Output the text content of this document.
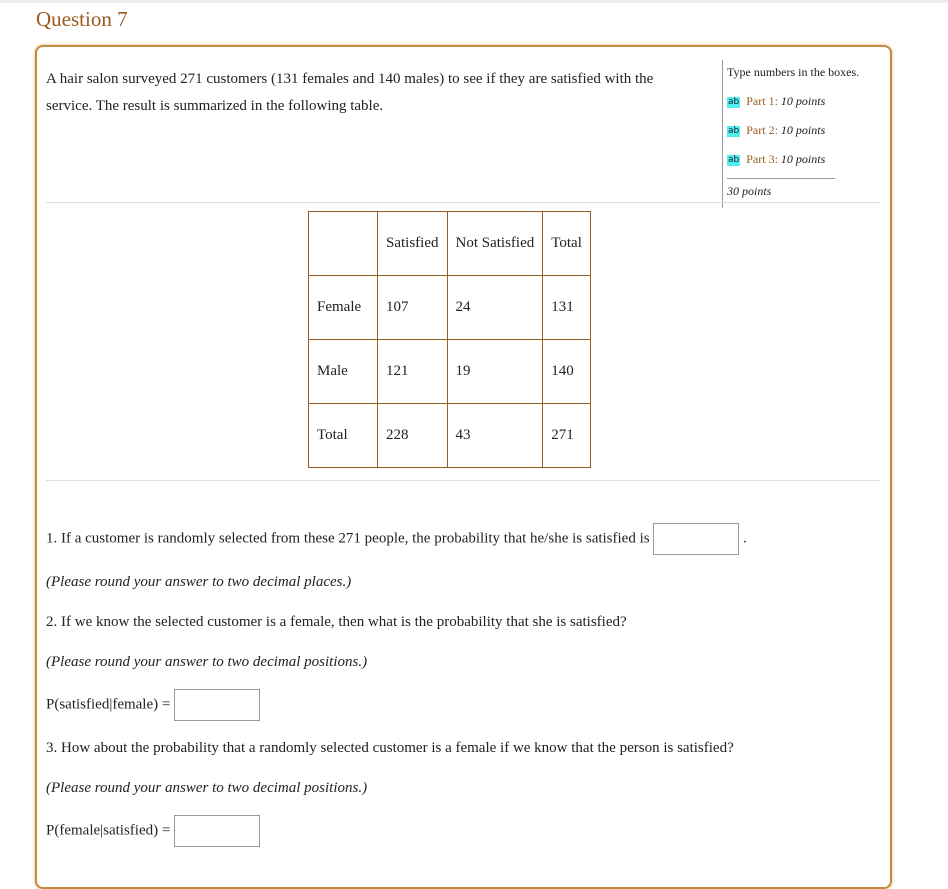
Question 7
A hair salon surveyed 271 customers (131 females and 140 males) to see if they are satisfied with the service. The result is summarized in the following table.
Type numbers in the boxes.
ab Part 1: 10 points
ab Part 2: 10 points
ab Part 3: 10 points
30 points
	Satisfied	Not Satisfied	Total
Female	107	24	131
Male	121	19	140
Total	228	43	271
1. If a customer is randomly selected from these 271 people, the probability that he/she is satisfied is	.
(Please round your answer to two decimal places.)
2. If we know the selected customer is a female, then what is the probability that she is satisfied?
(Please round your answer to two decimal positions.)
P(satisfied|female) =
3. How about the probability that a randomly selected customer is a female if we know that the person is satisfied?
(Please round your answer to two decimal positions.)
P(female|satisfied) =
